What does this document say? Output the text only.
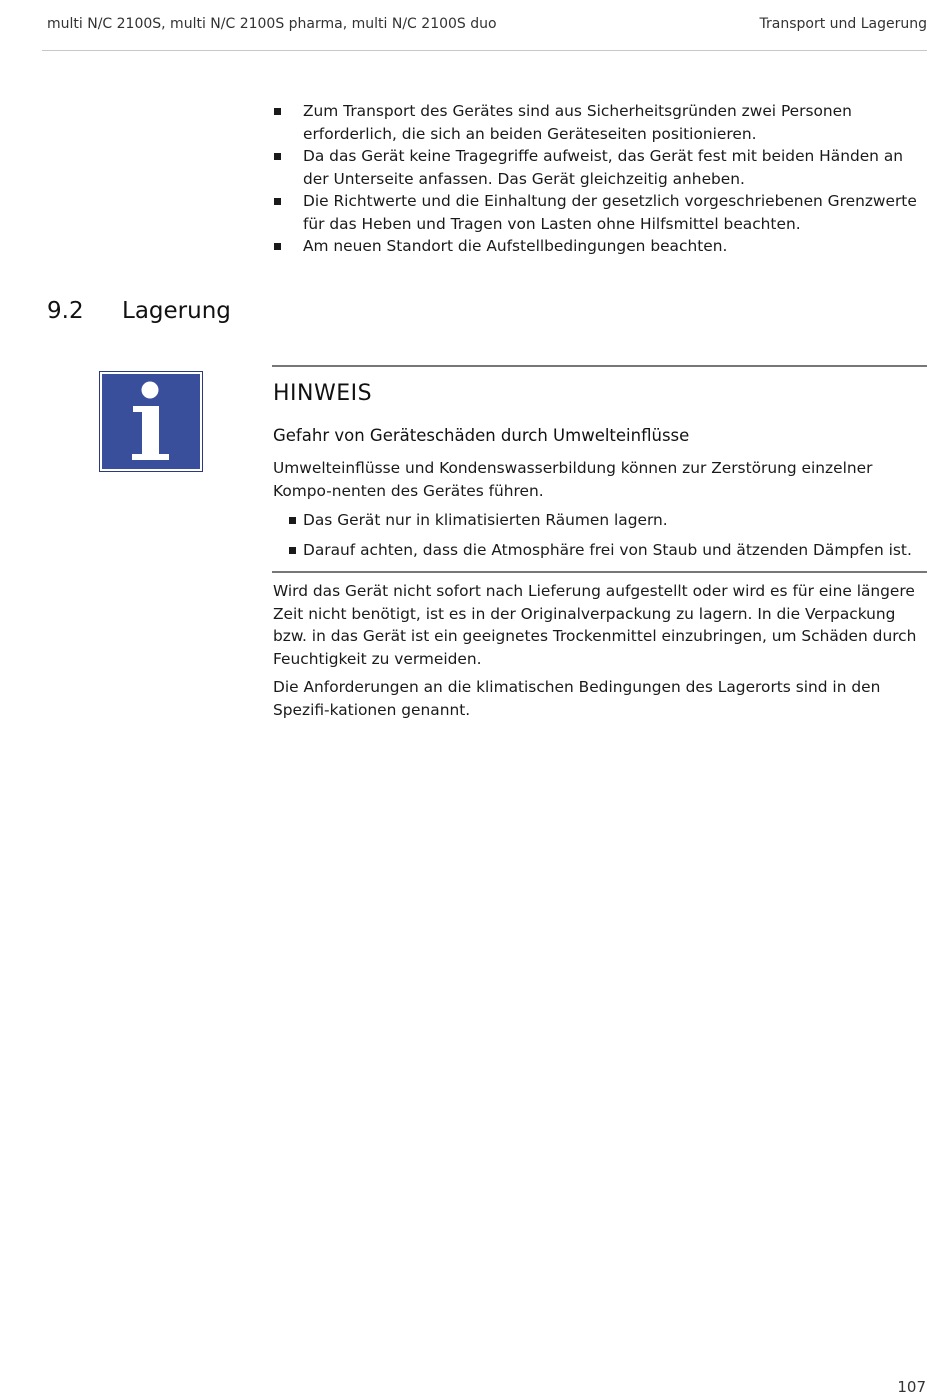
multi N/C 2100S, multi N/C 2100S pharma, multi N/C 2100S duo	Transport und Lagerung
Zum Transport des Gerätes sind aus Sicherheitsgründen zwei Personen erforderlich, die sich an beiden Geräteseiten positionieren.
Da das Gerät keine Tragegriffe aufweist, das Gerät fest mit beiden Händen an der Unterseite anfassen. Das Gerät gleichzeitig anheben.
Die Richtwerte und die Einhaltung der gesetzlich vorgeschriebenen Grenzwerte für das Heben und Tragen von Lasten ohne Hilfsmittel beachten.
Am neuen Standort die Aufstellbedingungen beachten.
9.2 Lagerung
HINWEIS
Gefahr von Geräteschäden durch Umwelteinflüsse
Umwelteinflüsse und Kondenswasserbildung können zur Zerstörung einzelner Kompo-nenten des Gerätes führen.
Das Gerät nur in klimatisierten Räumen lagern.
Darauf achten, dass die Atmosphäre frei von Staub und ätzenden Dämpfen ist.

Wird das Gerät nicht sofort nach Lieferung aufgestellt oder wird es für eine längere Zeit nicht benötigt, ist es in der Originalverpackung zu lagern. In die Verpackung bzw. in das Gerät ist ein geeignetes Trockenmittel einzubringen, um Schäden durch Feuchtigkeit zu vermeiden.

Die Anforderungen an die klimatischen Bedingungen des Lagerorts sind in den Spezifi-kationen genannt.

107
